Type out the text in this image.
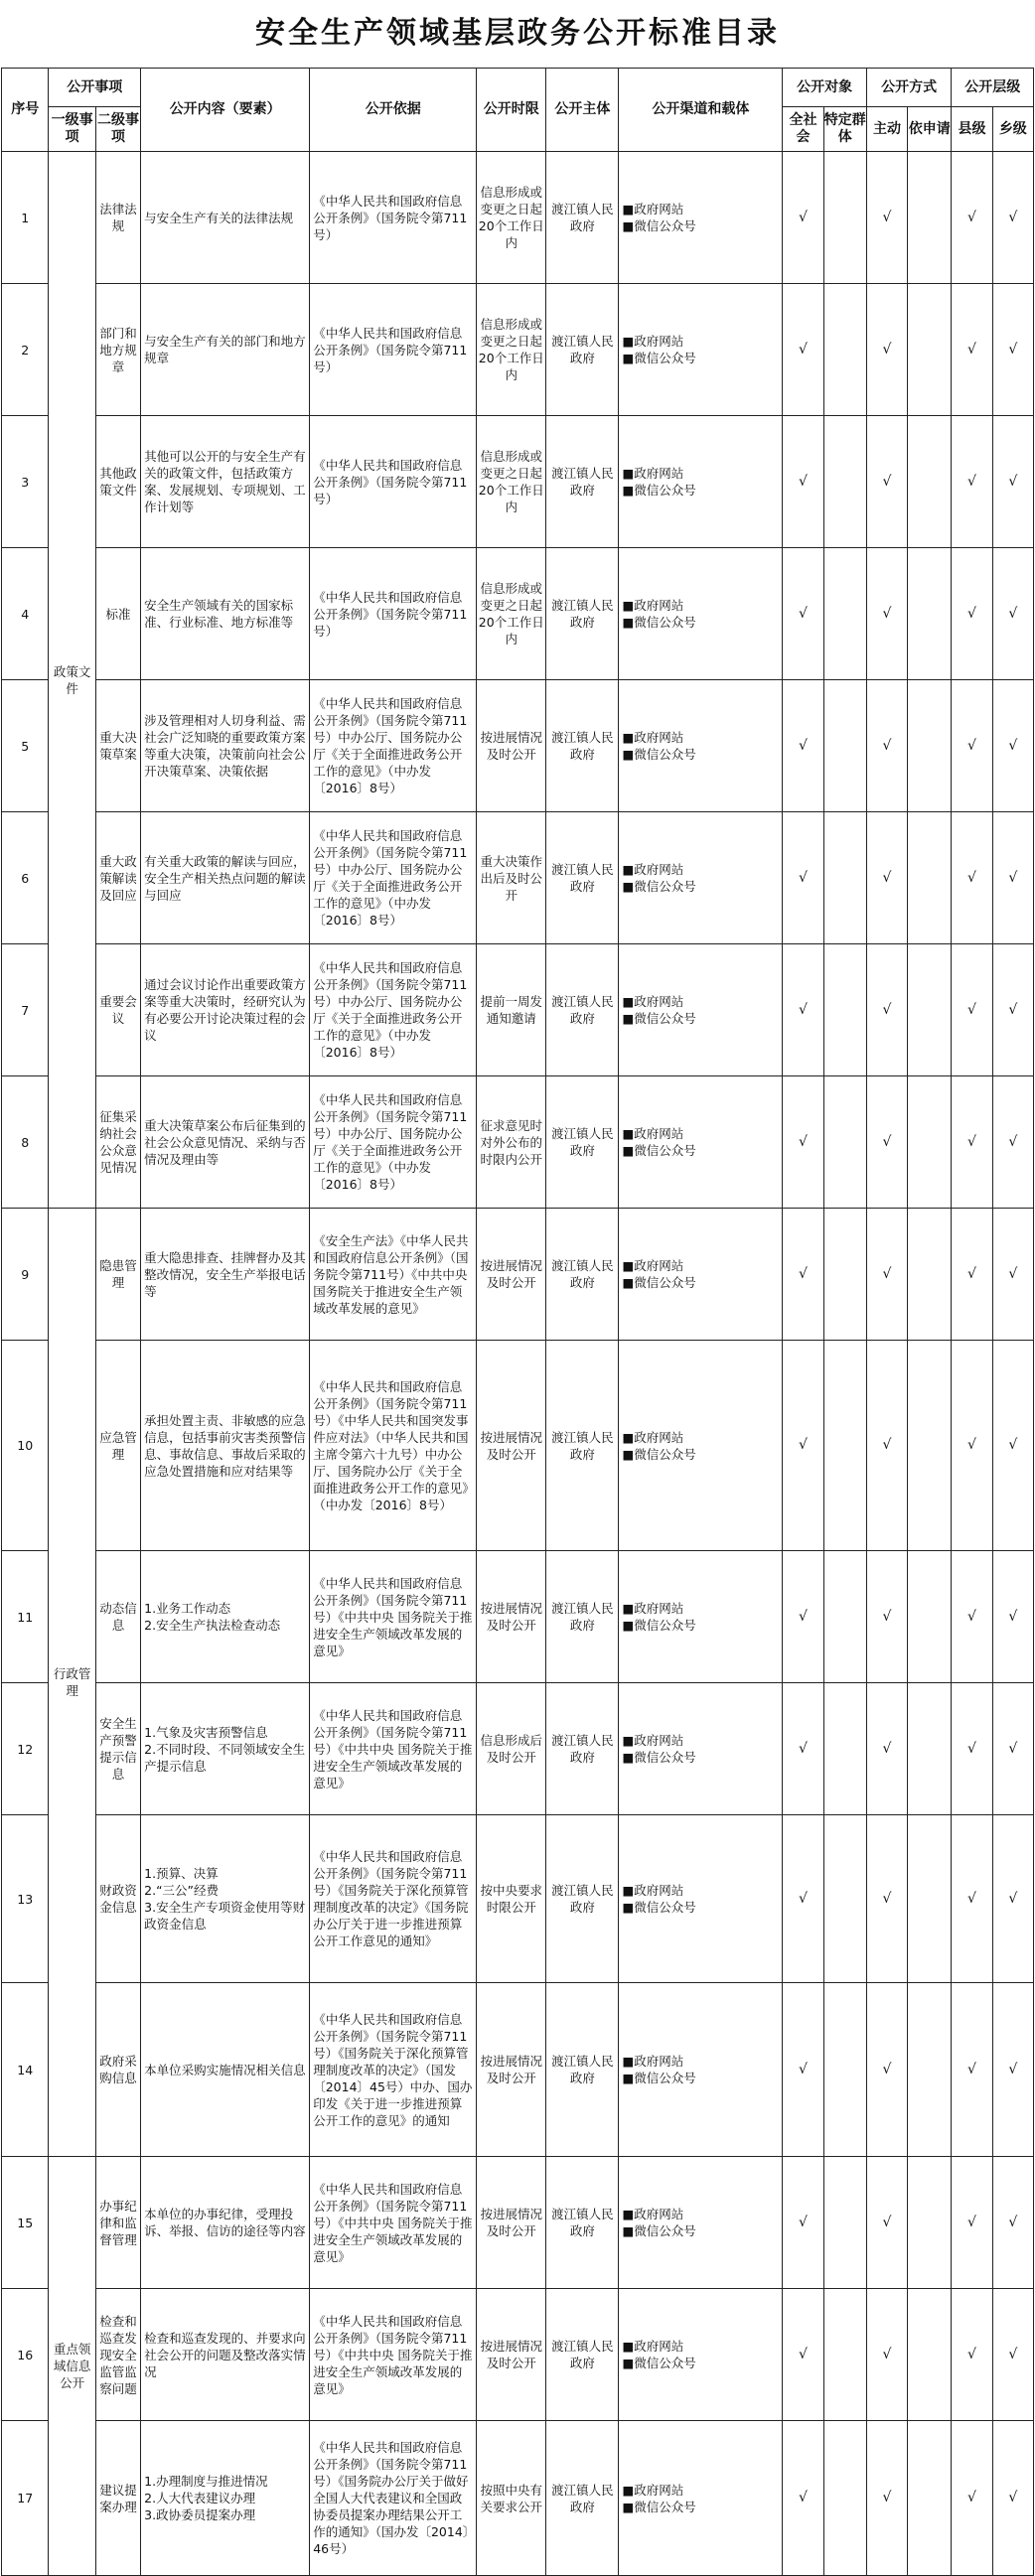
安全生产领域基层政务公开标准目录
序号	公开事项		公开内容（要素）	公开依据	公开时限	公开主体	公开渠道和载体	公开对象		公开方式		公开层级	
	一级事项	二级事项						全社会	特定群体	主动	依申请	县级	乡级
1	政策文件	法律法规	与安全生产有关的法律法规	《中华人民共和国政府信息公开条例》（国务院令第711号）	信息形成或变更之日起20个工作日内	渡江镇人民政府	■政府网站
■微信公众号	√		√		√	√
2		部门和地方规章	与安全生产有关的部门和地方规章	《中华人民共和国政府信息公开条例》（国务院令第711号）	信息形成或变更之日起20个工作日内	渡江镇人民政府	■政府网站
■微信公众号	√		√		√	√
3		其他政策文件	其他可以公开的与安全生产有关的政策文件，包括政策方案、发展规划、专项规划、工作计划等	《中华人民共和国政府信息公开条例》（国务院令第711号）	信息形成或变更之日起20个工作日内	渡江镇人民政府	■政府网站
■微信公众号	√		√		√	√
4		标准	安全生产领域有关的国家标准、行业标准、地方标准等	《中华人民共和国政府信息公开条例》（国务院令第711号）	信息形成或变更之日起20个工作日内	渡江镇人民政府	■政府网站
■微信公众号	√		√		√	√
5		重大决策草案	涉及管理相对人切身利益、需社会广泛知晓的重要政策方案等重大决策，决策前向社会公开决策草案、决策依据	《中华人民共和国政府信息公开条例》（国务院令第711号）中办公厅、国务院办公厅《关于全面推进政务公开工作的意见》（中办发〔2016〕8号）	按进展情况及时公开	渡江镇人民政府	■政府网站
■微信公众号	√		√		√	√
6		重大政策解读及回应	有关重大政策的解读与回应，安全生产相关热点问题的解读与回应	《中华人民共和国政府信息公开条例》（国务院令第711号）中办公厅、国务院办公厅《关于全面推进政务公开工作的意见》（中办发〔2016〕8号）	重大决策作出后及时公开	渡江镇人民政府	■政府网站
■微信公众号	√		√		√	√
7		重要会议	通过会议讨论作出重要政策方案等重大决策时，经研究认为有必要公开讨论决策过程的会议	《中华人民共和国政府信息公开条例》（国务院令第711号）中办公厅、国务院办公厅《关于全面推进政务公开工作的意见》（中办发〔2016〕8号）	提前一周发通知邀请	渡江镇人民政府	■政府网站
■微信公众号	√		√		√	√
8		征集采纳社会公众意见情况	重大决策草案公布后征集到的社会公众意见情况、采纳与否情况及理由等	《中华人民共和国政府信息公开条例》（国务院令第711号）中办公厅、国务院办公厅《关于全面推进政务公开工作的意见》（中办发〔2016〕8号）	征求意见时对外公布的时限内公开	渡江镇人民政府	■政府网站
■微信公众号	√		√		√	√
9	行政管理	隐患管理	重大隐患排查、挂牌督办及其整改情况，安全生产举报电话等	《安全生产法》《中华人民共和国政府信息公开条例》（国务院令第711号）《中共中央 国务院关于推进安全生产领域改革发展的意见》	按进展情况及时公开	渡江镇人民政府	■政府网站
■微信公众号	√		√		√	√
10		应急管理	承担处置主责、非敏感的应急信息，包括事前灾害类预警信息、事故信息、事故后采取的应急处置措施和应对结果等	《中华人民共和国政府信息公开条例》（国务院令第711号）《中华人民共和国突发事件应对法》（中华人民共和国主席令第六十九号）中办公厅、国务院办公厅《关于全面推进政务公开工作的意见》（中办发〔2016〕8号）	按进展情况及时公开	渡江镇人民政府	■政府网站
■微信公众号	√		√		√	√
11		动态信息	1.业务工作动态
2.安全生产执法检查动态	《中华人民共和国政府信息公开条例》（国务院令第711号）《中共中央 国务院关于推进安全生产领域改革发展的意见》	按进展情况及时公开	渡江镇人民政府	■政府网站
■微信公众号	√		√		√	√
12		安全生产预警提示信息	1.气象及灾害预警信息
2.不同时段、不同领域安全生产提示信息	《中华人民共和国政府信息公开条例》（国务院令第711号）《中共中央 国务院关于推进安全生产领域改革发展的意见》	信息形成后及时公开	渡江镇人民政府	■政府网站
■微信公众号	√		√		√	√
13		财政资金信息	1.预算、决算
2.“三公”经费
3.安全生产专项资金使用等财政资金信息	《中华人民共和国政府信息公开条例》（国务院令第711号）《国务院关于深化预算管理制度改革的决定》《国务院办公厅关于进一步推进预算公开工作意见的通知》	按中央要求时限公开	渡江镇人民政府	■政府网站
■微信公众号	√		√		√	√
14		政府采购信息	本单位采购实施情况相关信息	《中华人民共和国政府信息公开条例》（国务院令第711号）《国务院关于深化预算管理制度改革的决定》（国发〔2014〕45号）中办、国办印发《关于进一步推进预算公开工作的意见》的通知	按进展情况及时公开	渡江镇人民政府	■政府网站
■微信公众号	√		√		√	√
15	重点领域信息公开	办事纪律和监督管理	本单位的办事纪律，受理投诉、举报、信访的途径等内容	《中华人民共和国政府信息公开条例》（国务院令第711号）《中共中央 国务院关于推进安全生产领域改革发展的意见》	按进展情况及时公开	渡江镇人民政府	■政府网站
■微信公众号	√		√		√	√
16		检查和巡查发现安全监管监察问题	检查和巡查发现的、并要求向社会公开的问题及整改落实情况	《中华人民共和国政府信息公开条例》（国务院令第711号）《中共中央 国务院关于推进安全生产领域改革发展的意见》	按进展情况及时公开	渡江镇人民政府	■政府网站
■微信公众号	√		√		√	√
17		建议提案办理	1.办理制度与推进情况
2.人大代表建议办理
3.政协委员提案办理	《中华人民共和国政府信息公开条例》（国务院令第711号）《国务院办公厅关于做好全国人大代表建议和全国政协委员提案办理结果公开工作的通知》（国办发〔2014〕46号）	按照中央有关要求公开	渡江镇人民政府	■政府网站
■微信公众号	√		√		√	√
